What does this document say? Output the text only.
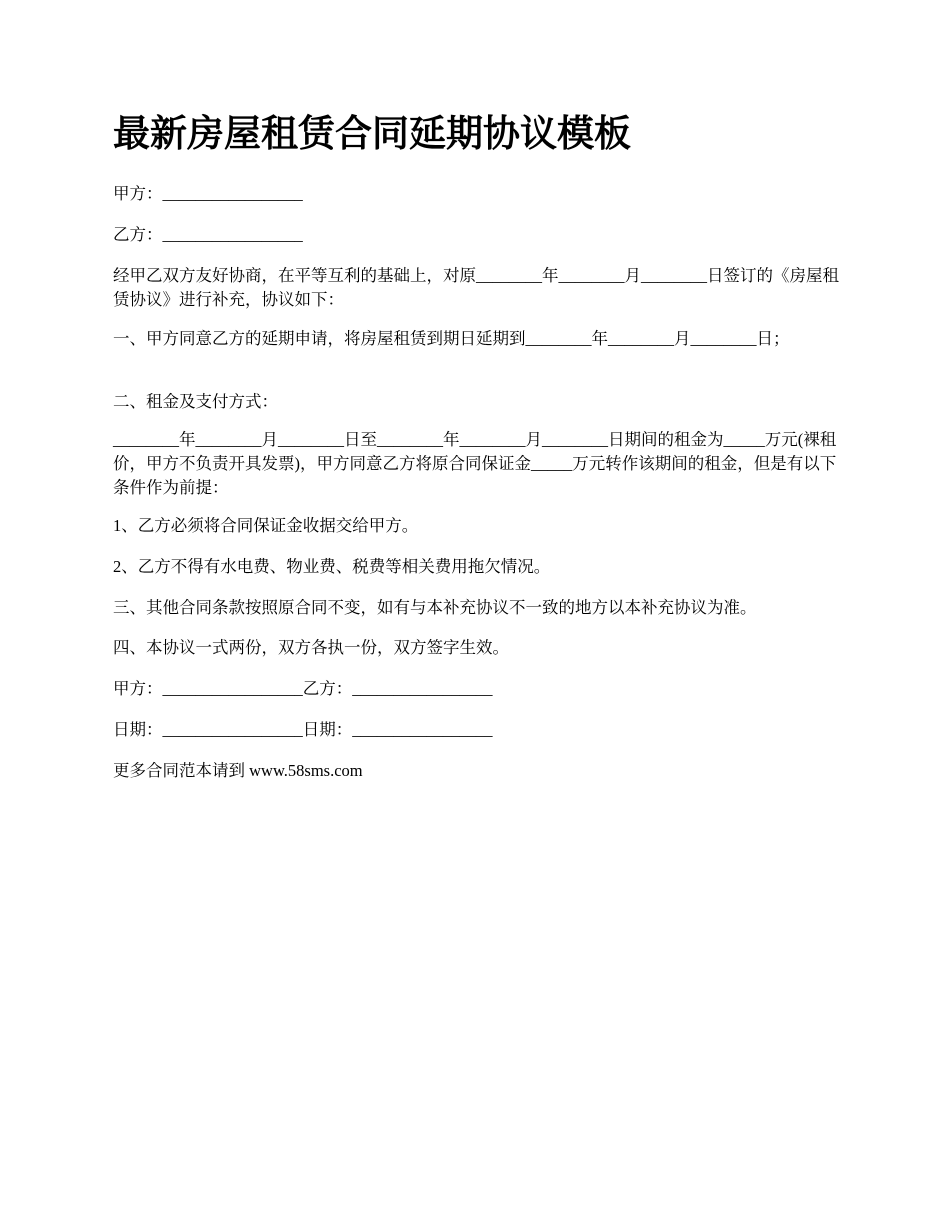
最新房屋租赁合同延期协议模板

甲方：_________________

乙方：_________________

经甲乙双方友好协商，在平等互利的基础上，对原________年________月________日签订的《房屋租赁协议》进行补充，协议如下：

一、甲方同意乙方的延期申请，将房屋租赁到期日延期到________年________月________日；

二、租金及支付方式：

________年________月________日至________年________月________日期间的租金为_____万元(裸租价，甲方不负责开具发票)，甲方同意乙方将原合同保证金_____万元转作该期间的租金，但是有以下条件作为前提：

1、乙方必须将合同保证金收据交给甲方。

2、乙方不得有水电费、物业费、税费等相关费用拖欠情况。

三、其他合同条款按照原合同不变，如有与本补充协议不一致的地方以本补充协议为准。

四、本协议一式两份，双方各执一份，双方签字生效。

甲方：_________________乙方：_________________

日期：_________________日期：_________________

更多合同范本请到 www.58sms.com
